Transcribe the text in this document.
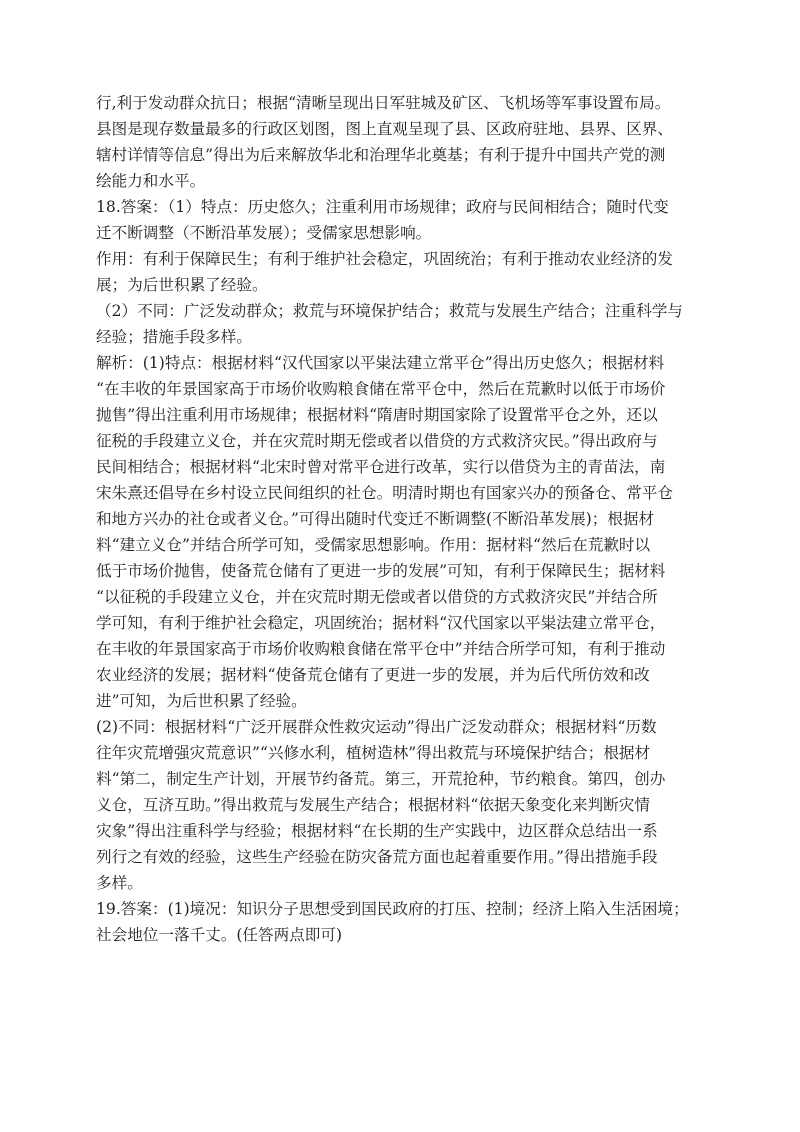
行,利于发动群众抗日；根据“清晰呈现出日军驻城及矿区、飞机场等军事设置布局。
县图是现存数量最多的行政区划图，图上直观呈现了县、区政府驻地、县界、区界、
辖村详情等信息”得出为后来解放华北和治理华北奠基；有利于提升中国共产党的测
绘能力和水平。
18.答案：（1）特点：历史悠久；注重利用市场规律；政府与民间相结合；随时代变
迁不断调整（不断沿革发展）；受儒家思想影响。
作用：有利于保障民生；有利于维护社会稳定，巩固统治；有利于推动农业经济的发
展；为后世积累了经验。
（2）不同：广泛发动群众；救荒与环境保护结合；救荒与发展生产结合；注重科学与
经验；措施手段多样。
解析：(1)特点：根据材料“汉代国家以平粜法建立常平仓”得出历史悠久；根据材料
“在丰收的年景国家高于市场价收购粮食储在常平仓中，然后在荒歉时以低于市场价
抛售”得出注重利用市场规律；根据材料“隋唐时期国家除了设置常平仓之外，还以
征税的手段建立义仓，并在灾荒时期无偿或者以借贷的方式救济灾民。”得出政府与
民间相结合；根据材料“北宋时曾对常平仓进行改革，实行以借贷为主的青苗法，南
宋朱熹还倡导在乡村设立民间组织的社仓。明清时期也有国家兴办的预备仓、常平仓
和地方兴办的社仓或者义仓。”可得出随时代变迁不断调整(不断沿革发展)；根据材
料“建立义仓”并结合所学可知，受儒家思想影响。作用：据材料“然后在荒歉时以
低于市场价抛售，使备荒仓储有了更进一步的发展”可知，有利于保障民生；据材料
“以征税的手段建立义仓，并在灾荒时期无偿或者以借贷的方式救济灾民”并结合所
学可知，有利于维护社会稳定，巩固统治；据材料“汉代国家以平粜法建立常平仓，
在丰收的年景国家高于市场价收购粮食储在常平仓中”并结合所学可知，有利于推动
农业经济的发展；据材料“使备荒仓储有了更进一步的发展，并为后代所仿效和改
进”可知，为后世积累了经验。
(2)不同：根据材料“广泛开展群众性救灾运动”得出广泛发动群众；根据材料“历数
往年灾荒增强灾荒意识”“兴修水利，植树造林”得出救荒与环境保护结合；根据材
料“第二，制定生产计划，开展节约备荒。第三，开荒抢种，节约粮食。第四，创办
义仓，互济互助。”得出救荒与发展生产结合；根据材料“依据天象变化来判断灾情
灾象”得出注重科学与经验；根据材料“在长期的生产实践中，边区群众总结出一系
列行之有效的经验，这些生产经验在防灾备荒方面也起着重要作用。”得出措施手段
多样。
19.答案：(1)境况：知识分子思想受到国民政府的打压、控制；经济上陷入生活困境；
社会地位一落千丈。(任答两点即可)
